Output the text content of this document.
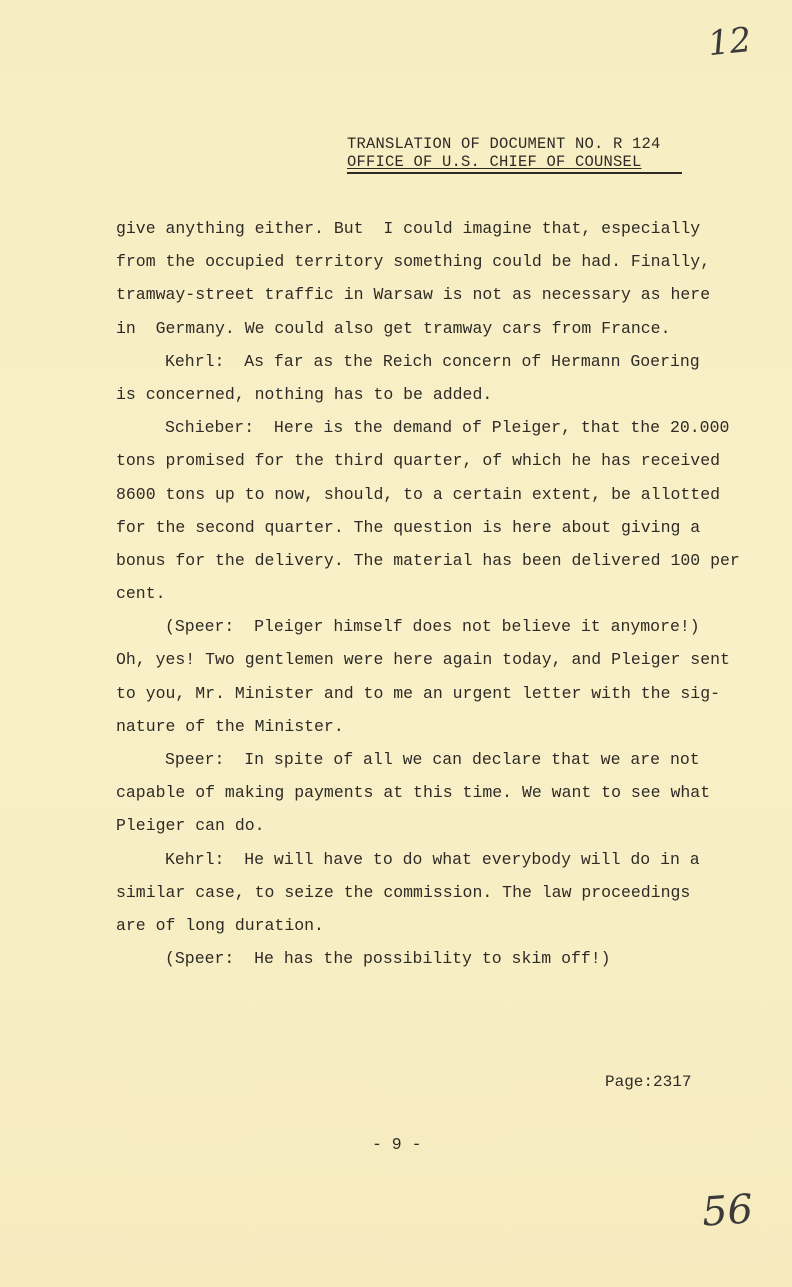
12
TRANSLATION OF DOCUMENT NO. R 124
OFFICE OF U.S. CHIEF OF COUNSEL
give anything either. But  I could imagine that, especially
from the occupied territory something could be had. Finally,
tramway-street traffic in Warsaw is not as necessary as here
in  Germany. We could also get tramway cars from France.
Kehrl:  As far as the Reich concern of Hermann Goering
is concerned, nothing has to be added.
Schieber:  Here is the demand of Pleiger, that the 20.000
tons promised for the third quarter, of which he has received
8600 tons up to now, should, to a certain extent, be allotted
for the second quarter. The question is here about giving a
bonus for the delivery. The material has been delivered 100 per
cent.
(Speer:  Pleiger himself does not believe it anymore!)
Oh, yes! Two gentlemen were here again today, and Pleiger sent
to you, Mr. Minister and to me an urgent letter with the sig-
nature of the Minister.
Speer:  In spite of all we can declare that we are not
capable of making payments at this time. We want to see what
Pleiger can do.
Kehrl:  He will have to do what everybody will do in a
similar case, to seize the commission. The law proceedings
are of long duration.
(Speer:  He has the possibility to skim off!)
Page:2317
- 9 -
56
